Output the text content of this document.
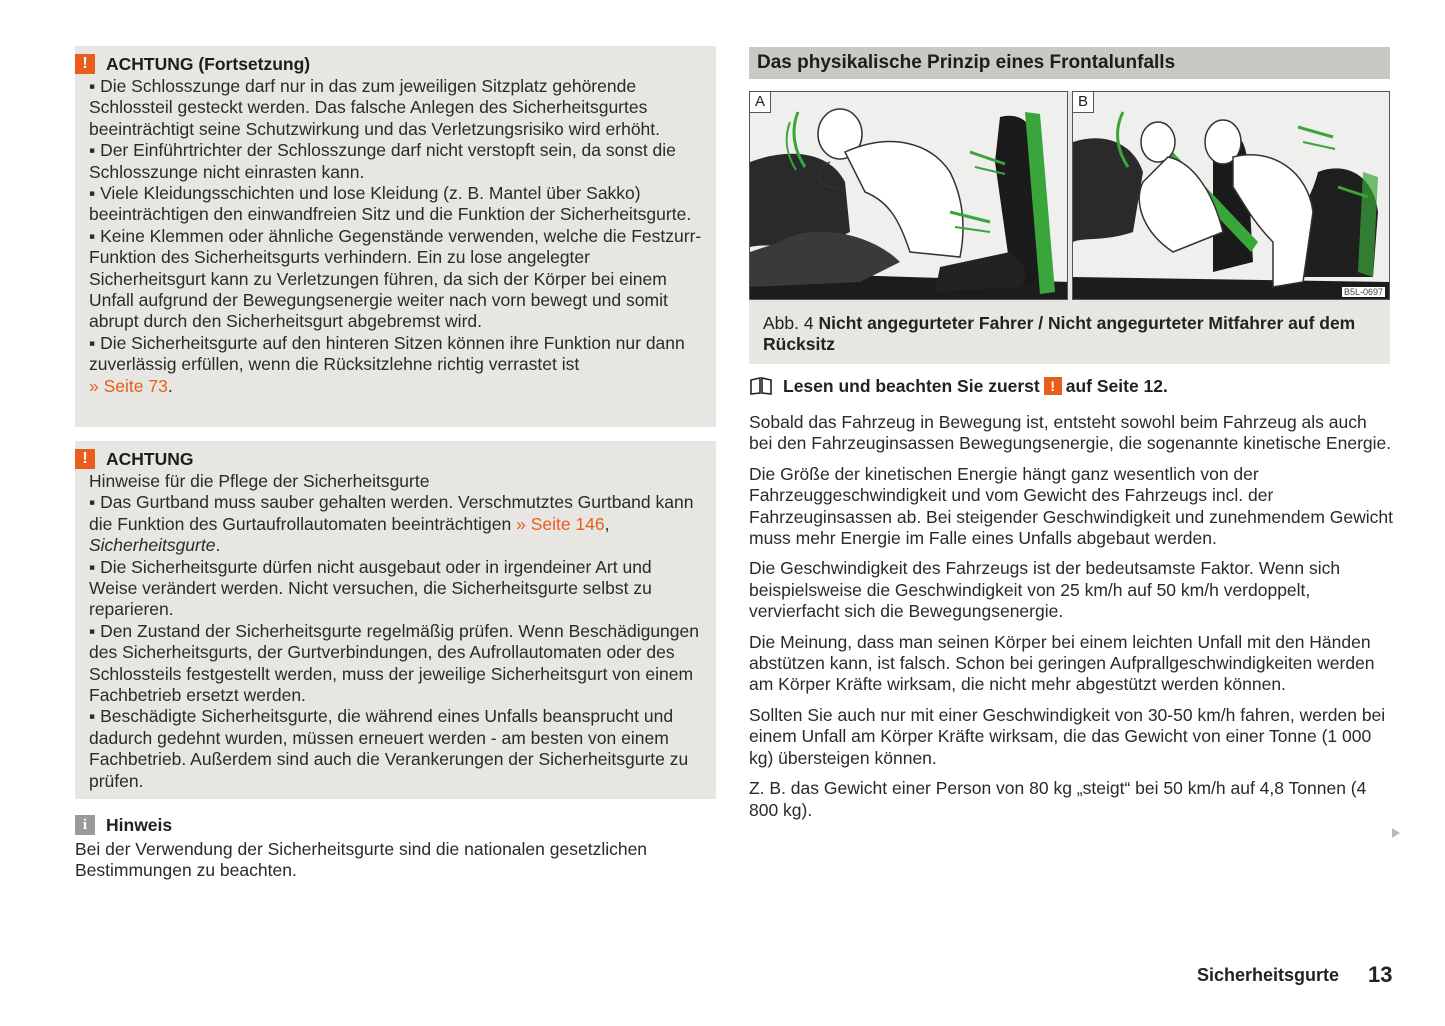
!	ACHTUNG (Fortsetzung)

▪ Die Schlosszunge darf nur in das zum jeweiligen Sitzplatz gehörende Schlossteil gesteckt werden. Das falsche Anlegen des Sicherheitsgurtes beeinträchtigt seine Schutzwirkung und das Verletzungsrisiko wird erhöht.

▪ Der Einführtrichter der Schlosszunge darf nicht verstopft sein, da sonst die Schlosszunge nicht einrasten kann.

▪ Viele Kleidungsschichten und lose Kleidung (z. B. Mantel über Sakko) beeinträchtigen den einwandfreien Sitz und die Funktion der Sicherheitsgurte.

▪ Keine Klemmen oder ähnliche Gegenstände verwenden, welche die Festzurr-Funktion des Sicherheitsgurts verhindern. Ein zu lose angelegter Sicherheitsgurt kann zu Verletzungen führen, da sich der Körper bei einem Unfall aufgrund der Bewegungsenergie weiter nach vorn bewegt und somit abrupt durch den Sicherheitsgurt abgebremst wird.

▪ Die Sicherheitsgurte auf den hinteren Sitzen können ihre Funktion nur dann zuverlässig erfüllen, wenn die Rücksitzlehne richtig verrastet ist

» Seite 73.

!	ACHTUNG

Hinweise für die Pflege der Sicherheitsgurte

▪ Das Gurtband muss sauber gehalten werden. Verschmutztes Gurtband kann die Funktion des Gurtaufrollautomaten beeinträchtigen » Seite 146, Sicherheitsgurte.

▪ Die Sicherheitsgurte dürfen nicht ausgebaut oder in irgendeiner Art und Weise verändert werden. Nicht versuchen, die Sicherheitsgurte selbst zu reparieren.

▪ Den Zustand der Sicherheitsgurte regelmäßig prüfen. Wenn Beschädigungen des Sicherheitsgurts, der Gurtverbindungen, des Aufrollautomaten oder des Schlossteils festgestellt werden, muss der jeweilige Sicherheitsgurt von einem Fachbetrieb ersetzt werden.

▪ Beschädigte Sicherheitsgurte, die während eines Unfalls beansprucht und dadurch gedehnt wurden, müssen erneuert werden - am besten von einem Fachbetrieb. Außerdem sind auch die Verankerungen der Sicherheitsgurte zu prüfen.

i	Hinweis
Bei der Verwendung der Sicherheitsgurte sind die nationalen gesetzlichen Bestimmungen zu beachten.
Das physikalische Prinzip eines Frontalunfalls
A	B
B5L-0697
Abb. 4 Nicht angegurteter Fahrer / Nicht angegurteter Mitfahrer auf dem Rücksitz
Lesen und beachten Sie zuerst ! auf Seite 12.

Sobald das Fahrzeug in Bewegung ist, entsteht sowohl beim Fahrzeug als auch bei den Fahrzeuginsassen Bewegungsenergie, die sogenannte kinetische Energie.

Die Größe der kinetischen Energie hängt ganz wesentlich von der Fahrzeuggeschwindigkeit und vom Gewicht des Fahrzeugs incl. der Fahrzeuginsassen ab. Bei steigender Geschwindigkeit und zunehmendem Gewicht muss mehr Energie im Falle eines Unfalls abgebaut werden.

Die Geschwindigkeit des Fahrzeugs ist der bedeutsamste Faktor. Wenn sich beispielsweise die Geschwindigkeit von 25 km/h auf 50 km/h verdoppelt, vervierfacht sich die Bewegungsenergie.

Die Meinung, dass man seinen Körper bei einem leichten Unfall mit den Händen abstützen kann, ist falsch. Schon bei geringen Aufprallgeschwindigkeiten werden am Körper Kräfte wirksam, die nicht mehr abgestützt werden können.

Sollten Sie auch nur mit einer Geschwindigkeit von 30-50 km/h fahren, werden bei einem Unfall am Körper Kräfte wirksam, die das Gewicht von einer Tonne (1 000 kg) übersteigen können.

Z. B. das Gewicht einer Person von 80 kg „steigt“ bei 50 km/h auf 4,8 Tonnen (4 800 kg).

Sicherheitsgurte 13
